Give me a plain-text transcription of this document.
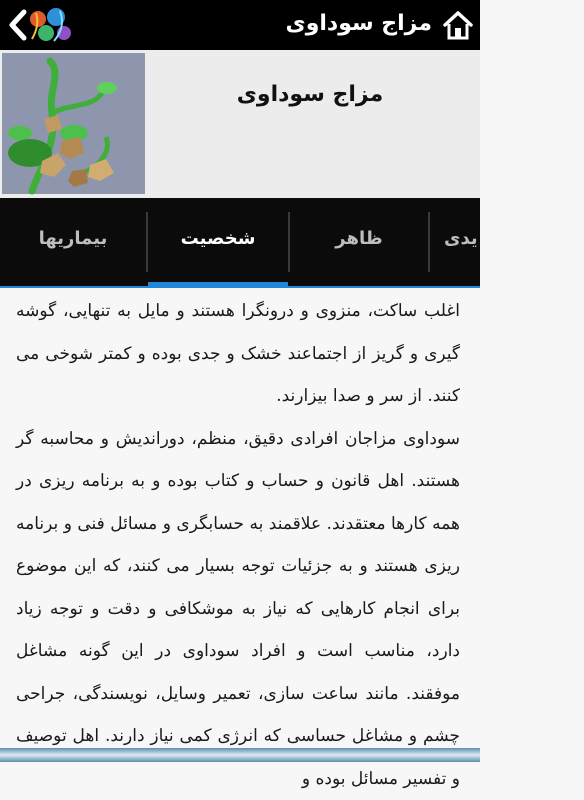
مزاج سوداوی
مزاج سوداوی
بیماریها	شخصیت	ظاهر	یدی

اغلب ساکت، منزوی و درونگرا هستند و مایل به تنهایی، گوشه گیری و گریز از اجتماعند خشک و جدی بوده و کمتر شوخی می کنند. از سر و صدا بیزارند.

سوداوی مزاجان افرادی دقیق، منظم، دوراندیش و محاسبه گر هستند. اهل قانون و حساب و کتاب بوده و به برنامه ریزی در همه کارها معتقدند. علاقمند به حسابگری و مسائل فنی و برنامه ریزی هستند و به جزئیات توجه بسیار می کنند، که این موضوع برای انجام کارهایی که نیاز به موشکافی و دقت و توجه زیاد دارد، مناسب است و افراد سوداوی در این گونه مشاغل موفقند. مانند ساعت سازی، تعمیر وسایل، نویسندگی، جراحی چشم و مشاغل حساسی که انرژی کمی نیاز دارند. اهل توصیف و تفسیر مسائل بوده و
